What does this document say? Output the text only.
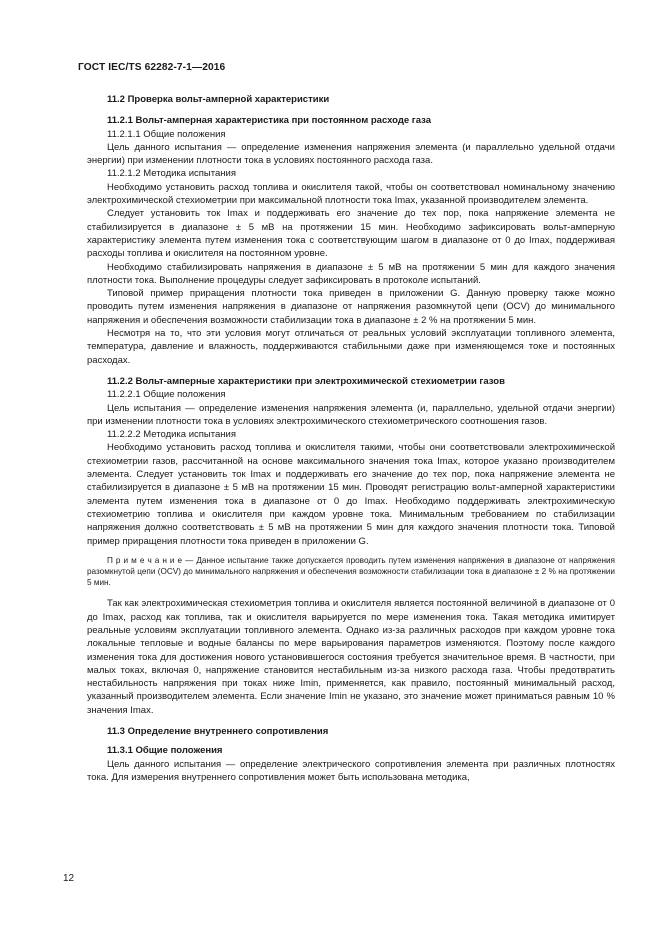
ГОСТ IEC/TS 62282-7-1—2016

11.2 Проверка вольт-амперной характеристики

11.2.1 Вольт-амперная характеристика при постоянном расходе газа

11.2.1.1 Общие положения

Цель данного испытания — определение изменения напряжения элемента (и параллельно удельной отдачи энергии) при изменении плотности тока в условиях постоянного расхода газа.

11.2.1.2 Методика испытания

Необходимо установить расход топлива и окислителя такой, чтобы он соответствовал номинальному значению электрохимической стехиометрии при максимальной плотности тока Imax, указанной производителем элемента.

Следует установить ток Imax и поддерживать его значение до тех пор, пока напряжение элемента не стабилизируется в диапазоне ± 5 мВ на протяжении 15 мин. Необходимо зафиксировать вольт-амперную характеристику элемента путем изменения тока с соответствующим шагом в диапазоне от 0 до Imax, поддерживая расходы топлива и окислителя на постоянном уровне.

Необходимо стабилизировать напряжения в диапазоне ± 5 мВ на протяжении 5 мин для каждого значения плотности тока. Выполнение процедуры следует зафиксировать в протоколе испытаний.

Типовой пример приращения плотности тока приведен в приложении G. Данную проверку также можно проводить путем изменения напряжения в диапазоне от напряжения разомкнутой цепи (OCV) до минимального напряжения и обеспечения возможности стабилизации тока в диапазоне ± 2 % на протяжении 5 мин.

Несмотря на то, что эти условия могут отличаться от реальных условий эксплуатации топливного элемента, температура, давление и влажность, поддерживаются стабильными даже при изменяющемся токе и постоянных расходах.

11.2.2 Вольт-амперные характеристики при электрохимической стехиометрии газов

11.2.2.1 Общие положения

Цель испытания — определение изменения напряжения элемента (и, параллельно, удельной отдачи энергии) при изменении плотности тока в условиях электрохимического стехиометрического соотношения газов.

11.2.2.2 Методика испытания

Необходимо установить расход топлива и окислителя такими, чтобы они соответствовали электрохимической стехиометрии газов, рассчитанной на основе максимального значения тока Imax, которое указано производителем элемента. Следует установить ток Imax и поддерживать его значение до тех пор, пока напряжение элемента не стабилизируется в диапазоне ± 5 мВ на протяжении 15 мин. Проводят регистрацию вольт-амперной характеристики элемента путем изменения тока в диапазоне от 0 до Imax. Необходимо поддерживать электрохимическую стехиометрию топлива и окислителя при каждом уровне тока. Минимальным требованием по стабилизации напряжения должно соответствовать ± 5 мВ на протяжении 5 мин для каждого значения плотности тока. Типовой пример приращения плотности тока приведен в приложении G.

П р и м е ч а н и е — Данное испытание также допускается проводить путем изменения напряжения в диапазоне от напряжения разомкнутой цепи (OCV) до минимального напряжения и обеспечения возможности стабилизации тока в диапазоне ± 2 % на протяжении 5 мин.

Так как электрохимическая стехиометрия топлива и окислителя является постоянной величиной в диапазоне от 0 до Imax, расход как топлива, так и окислителя варьируется по мере изменения тока. Такая методика имитирует реальные условиям эксплуатации топливного элемента. Однако из-за различных расходов при каждом уровне тока локальные тепловые и водные балансы по мере варьирования параметров изменяются. Поэтому после каждого изменения тока для достижения нового установившегося состояния требуется значительное время. В частности, при малых токах, включая 0, напряжение становится нестабильным из-за низкого расхода газа. Чтобы предотвратить нестабильность напряжения при токах ниже Imin, применяется, как правило, постоянный минимальный расход, указанный производителем элемента. Если значение Imin не указано, это значение может приниматься равным 10 % значения Imax.

11.3 Определение внутреннего сопротивления

11.3.1 Общие положения

Цель данного испытания — определение электрического сопротивления элемента при различных плотностях тока. Для измерения внутреннего сопротивления может быть использована методика,

12
